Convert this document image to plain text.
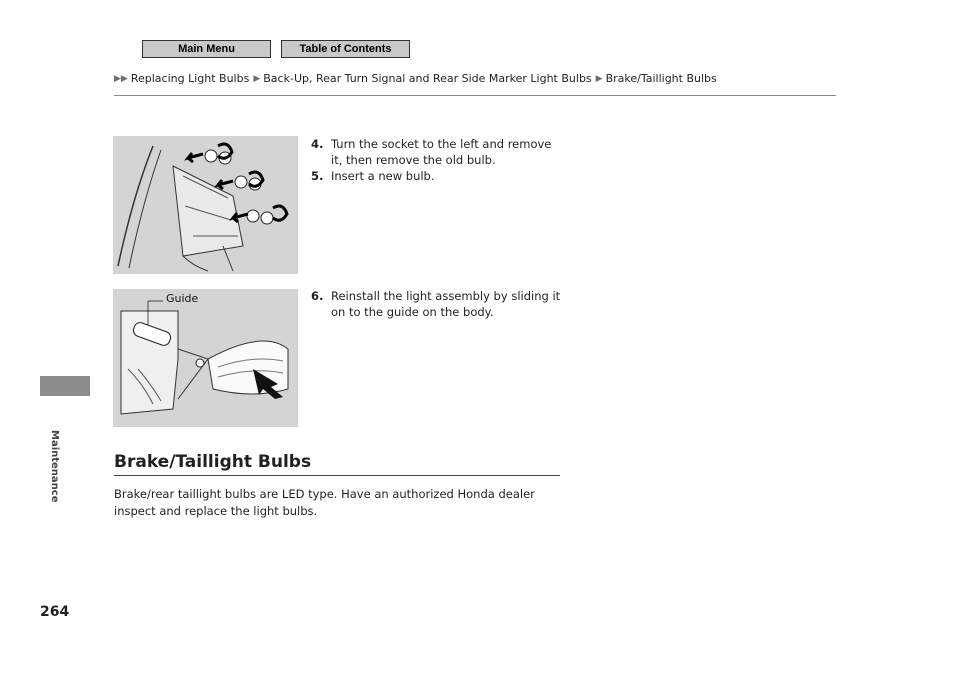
Main Menu	Table of Contents
▶▶ Replacing Light Bulbs ▶ Back-Up, Rear Turn Signal and Rear Side Marker Light Bulbs ▶ Brake/Taillight Bulbs
Maintenance
Guide
4. Turn the socket to the left and remove it, then remove the old bulb.
5. Insert a new bulb.
6. Reinstall the light assembly by sliding it on to the guide on the body.
Brake/Taillight Bulbs
Brake/rear taillight bulbs are LED type. Have an authorized Honda dealer inspect and replace the light bulbs.
264
